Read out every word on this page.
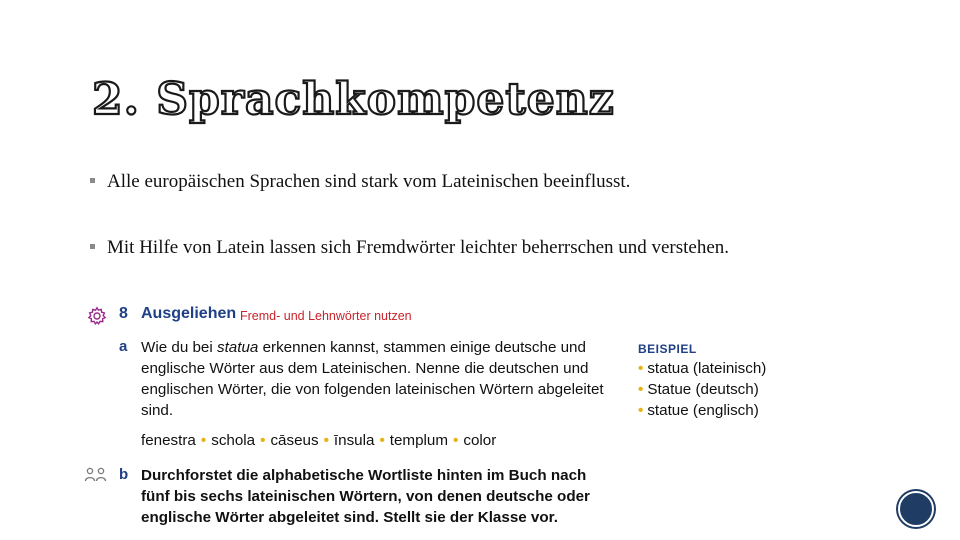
2. Sprachkompetenz
Alle europäischen Sprachen sind stark vom Lateinischen beeinflusst.
Mit Hilfe von Latein lassen sich Fremdwörter leichter beherrschen und verstehen.
8 Ausgeliehen Fremd- und Lehnwörter nutzen
a Wie du bei statua erkennen kannst, stammen einige deutsche und englische Wörter aus dem Lateinischen. Nenne die deutschen und englischen Wörter, die von folgenden lateinischen Wörtern abgeleitet sind.
fenestra • schola • cāseus • īnsula • templum • color
b Durchforstet die alphabetische Wortliste hinten im Buch nach fünf bis sechs lateinischen Wörtern, von denen deutsche oder englische Wörter abgeleitet sind. Stellt sie der Klasse vor.
BEISPIEL
• statua (lateinisch)
• Statue (deutsch)
• statue (englisch)
